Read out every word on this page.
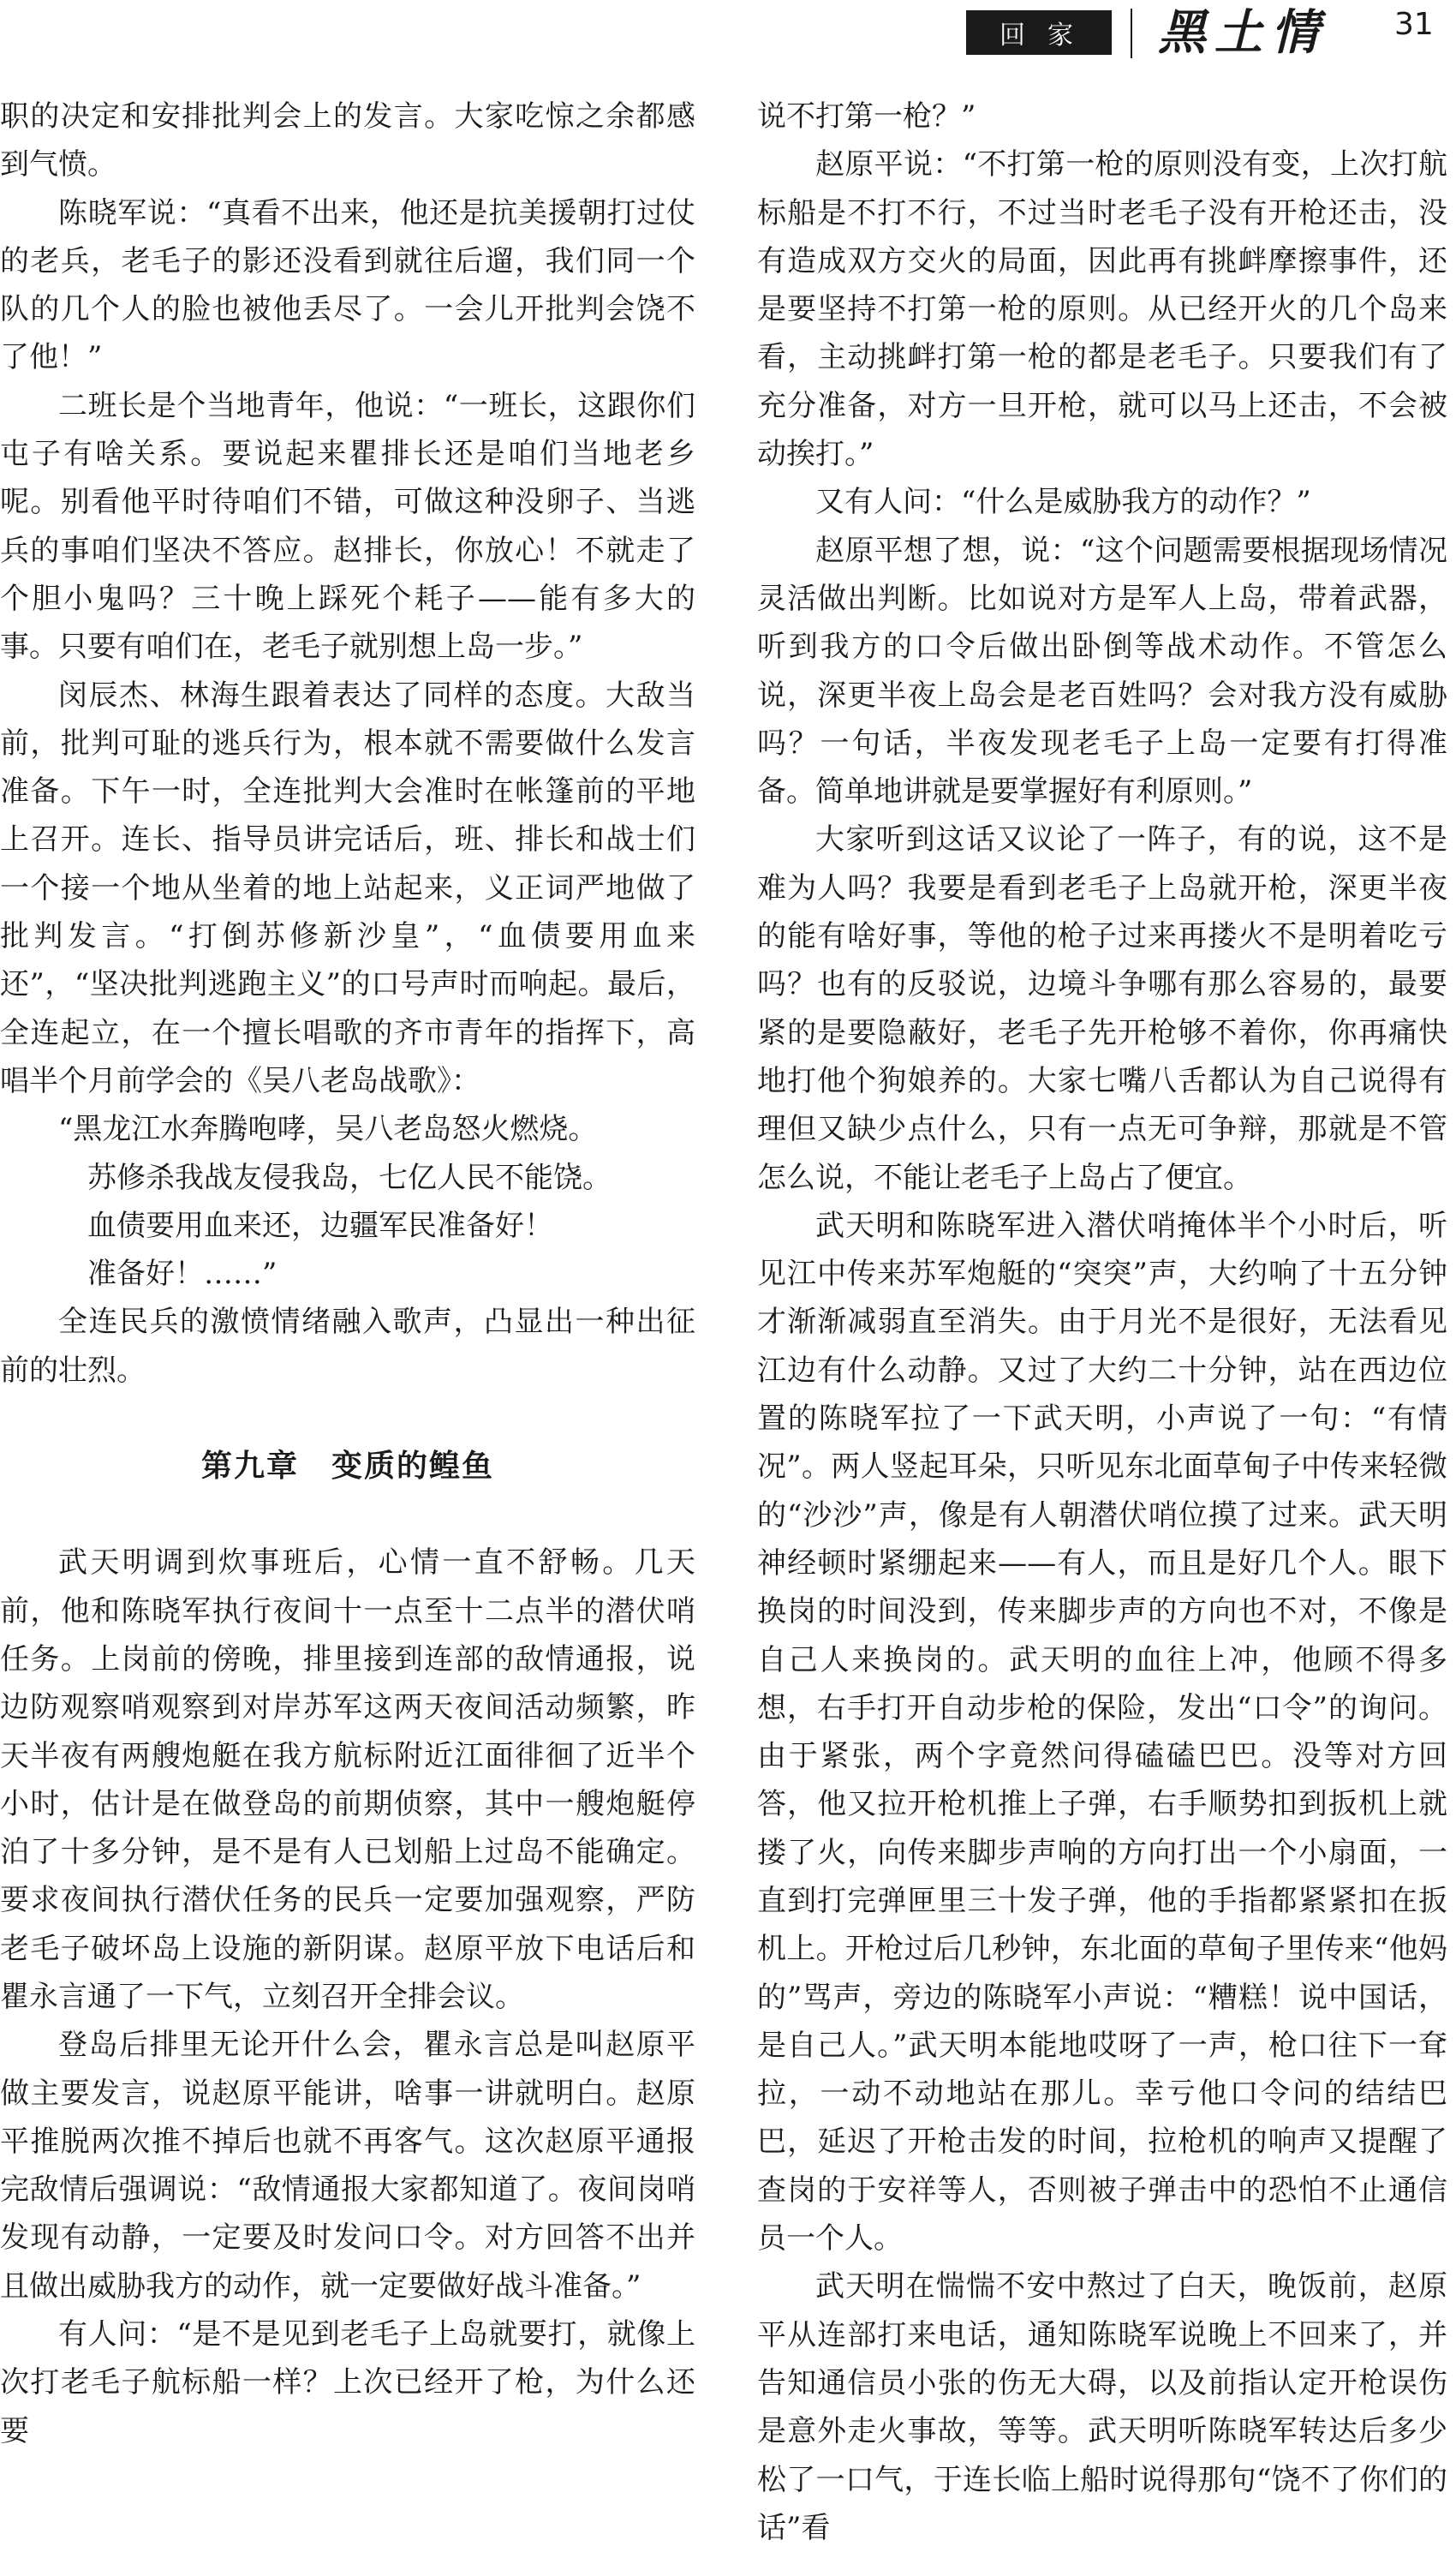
回家	黑土情 31

职的决定和安排批判会上的发言。大家吃惊之余都感到气愤。

陈晓军说：“真看不出来，他还是抗美援朝打过仗的老兵，老毛子的影还没看到就往后遛，我们同一个队的几个人的脸也被他丢尽了。一会儿开批判会饶不了他！”

二班长是个当地青年，他说：“一班长，这跟你们屯子有啥关系。要说起来瞿排长还是咱们当地老乡呢。别看他平时待咱们不错，可做这种没卵子、当逃兵的事咱们坚决不答应。赵排长，你放心！不就走了个胆小鬼吗？三十晚上踩死个耗子——能有多大的事。只要有咱们在，老毛子就别想上岛一步。”

闵辰杰、林海生跟着表达了同样的态度。大敌当前，批判可耻的逃兵行为，根本就不需要做什么发言准备。下午一时，全连批判大会准时在帐篷前的平地上召开。连长、指导员讲完话后，班、排长和战士们一个接一个地从坐着的地上站起来，义正词严地做了批判发言。“打倒苏修新沙皇”，“血债要用血来还”，“坚决批判逃跑主义”的口号声时而响起。最后，全连起立，在一个擅长唱歌的齐市青年的指挥下，高唱半个月前学会的《吴八老岛战歌》：

“黑龙江水奔腾咆哮，吴八老岛怒火燃烧。

苏修杀我战友侵我岛，七亿人民不能饶。

血债要用血来还，边疆军民准备好！

准备好！……”

全连民兵的激愤情绪融入歌声，凸显出一种出征前的壮烈。

第九章　变质的鳇鱼

武天明调到炊事班后，心情一直不舒畅。几天前，他和陈晓军执行夜间十一点至十二点半的潜伏哨任务。上岗前的傍晚，排里接到连部的敌情通报，说边防观察哨观察到对岸苏军这两天夜间活动频繁，昨天半夜有两艘炮艇在我方航标附近江面徘徊了近半个小时，估计是在做登岛的前期侦察，其中一艘炮艇停泊了十多分钟，是不是有人已划船上过岛不能确定。要求夜间执行潜伏任务的民兵一定要加强观察，严防老毛子破坏岛上设施的新阴谋。赵原平放下电话后和瞿永言通了一下气，立刻召开全排会议。

登岛后排里无论开什么会，瞿永言总是叫赵原平做主要发言，说赵原平能讲，啥事一讲就明白。赵原平推脱两次推不掉后也就不再客气。这次赵原平通报完敌情后强调说：“敌情通报大家都知道了。夜间岗哨发现有动静，一定要及时发问口令。对方回答不出并且做出威胁我方的动作，就一定要做好战斗准备。”

有人问：“是不是见到老毛子上岛就要打，就像上次打老毛子航标船一样？上次已经开了枪，为什么还要

说不打第一枪？”

赵原平说：“不打第一枪的原则没有变，上次打航标船是不打不行，不过当时老毛子没有开枪还击，没有造成双方交火的局面，因此再有挑衅摩擦事件，还是要坚持不打第一枪的原则。从已经开火的几个岛来看，主动挑衅打第一枪的都是老毛子。只要我们有了充分准备，对方一旦开枪，就可以马上还击，不会被动挨打。”

又有人问：“什么是威胁我方的动作？”

赵原平想了想，说：“这个问题需要根据现场情况灵活做出判断。比如说对方是军人上岛，带着武器，听到我方的口令后做出卧倒等战术动作。不管怎么说，深更半夜上岛会是老百姓吗？会对我方没有威胁吗？一句话，半夜发现老毛子上岛一定要有打得准备。简单地讲就是要掌握好有利原则。”

大家听到这话又议论了一阵子，有的说，这不是难为人吗？我要是看到老毛子上岛就开枪，深更半夜的能有啥好事，等他的枪子过来再搂火不是明着吃亏吗？也有的反驳说，边境斗争哪有那么容易的，最要紧的是要隐蔽好，老毛子先开枪够不着你，你再痛快地打他个狗娘养的。大家七嘴八舌都认为自己说得有理但又缺少点什么，只有一点无可争辩，那就是不管怎么说，不能让老毛子上岛占了便宜。

武天明和陈晓军进入潜伏哨掩体半个小时后，听见江中传来苏军炮艇的“突突”声，大约响了十五分钟才渐渐减弱直至消失。由于月光不是很好，无法看见江边有什么动静。又过了大约二十分钟，站在西边位置的陈晓军拉了一下武天明，小声说了一句：“有情况”。两人竖起耳朵，只听见东北面草甸子中传来轻微的“沙沙”声，像是有人朝潜伏哨位摸了过来。武天明神经顿时紧绷起来——有人，而且是好几个人。眼下换岗的时间没到，传来脚步声的方向也不对，不像是自己人来换岗的。武天明的血往上冲，他顾不得多想，右手打开自动步枪的保险，发出“口令”的询问。由于紧张，两个字竟然问得磕磕巴巴。没等对方回答，他又拉开枪机推上子弹，右手顺势扣到扳机上就搂了火，向传来脚步声响的方向打出一个小扇面，一直到打完弹匣里三十发子弹，他的手指都紧紧扣在扳机上。开枪过后几秒钟，东北面的草甸子里传来“他妈的”骂声，旁边的陈晓军小声说：“糟糕！说中国话，是自己人。”武天明本能地哎呀了一声，枪口往下一耷拉，一动不动地站在那儿。幸亏他口令问的结结巴巴，延迟了开枪击发的时间，拉枪机的响声又提醒了查岗的于安祥等人，否则被子弹击中的恐怕不止通信员一个人。

武天明在惴惴不安中熬过了白天，晚饭前，赵原平从连部打来电话，通知陈晓军说晚上不回来了，并告知通信员小张的伤无大碍，以及前指认定开枪误伤是意外走火事故，等等。武天明听陈晓军转达后多少松了一口气，于连长临上船时说得那句“饶不了你们的话”看
